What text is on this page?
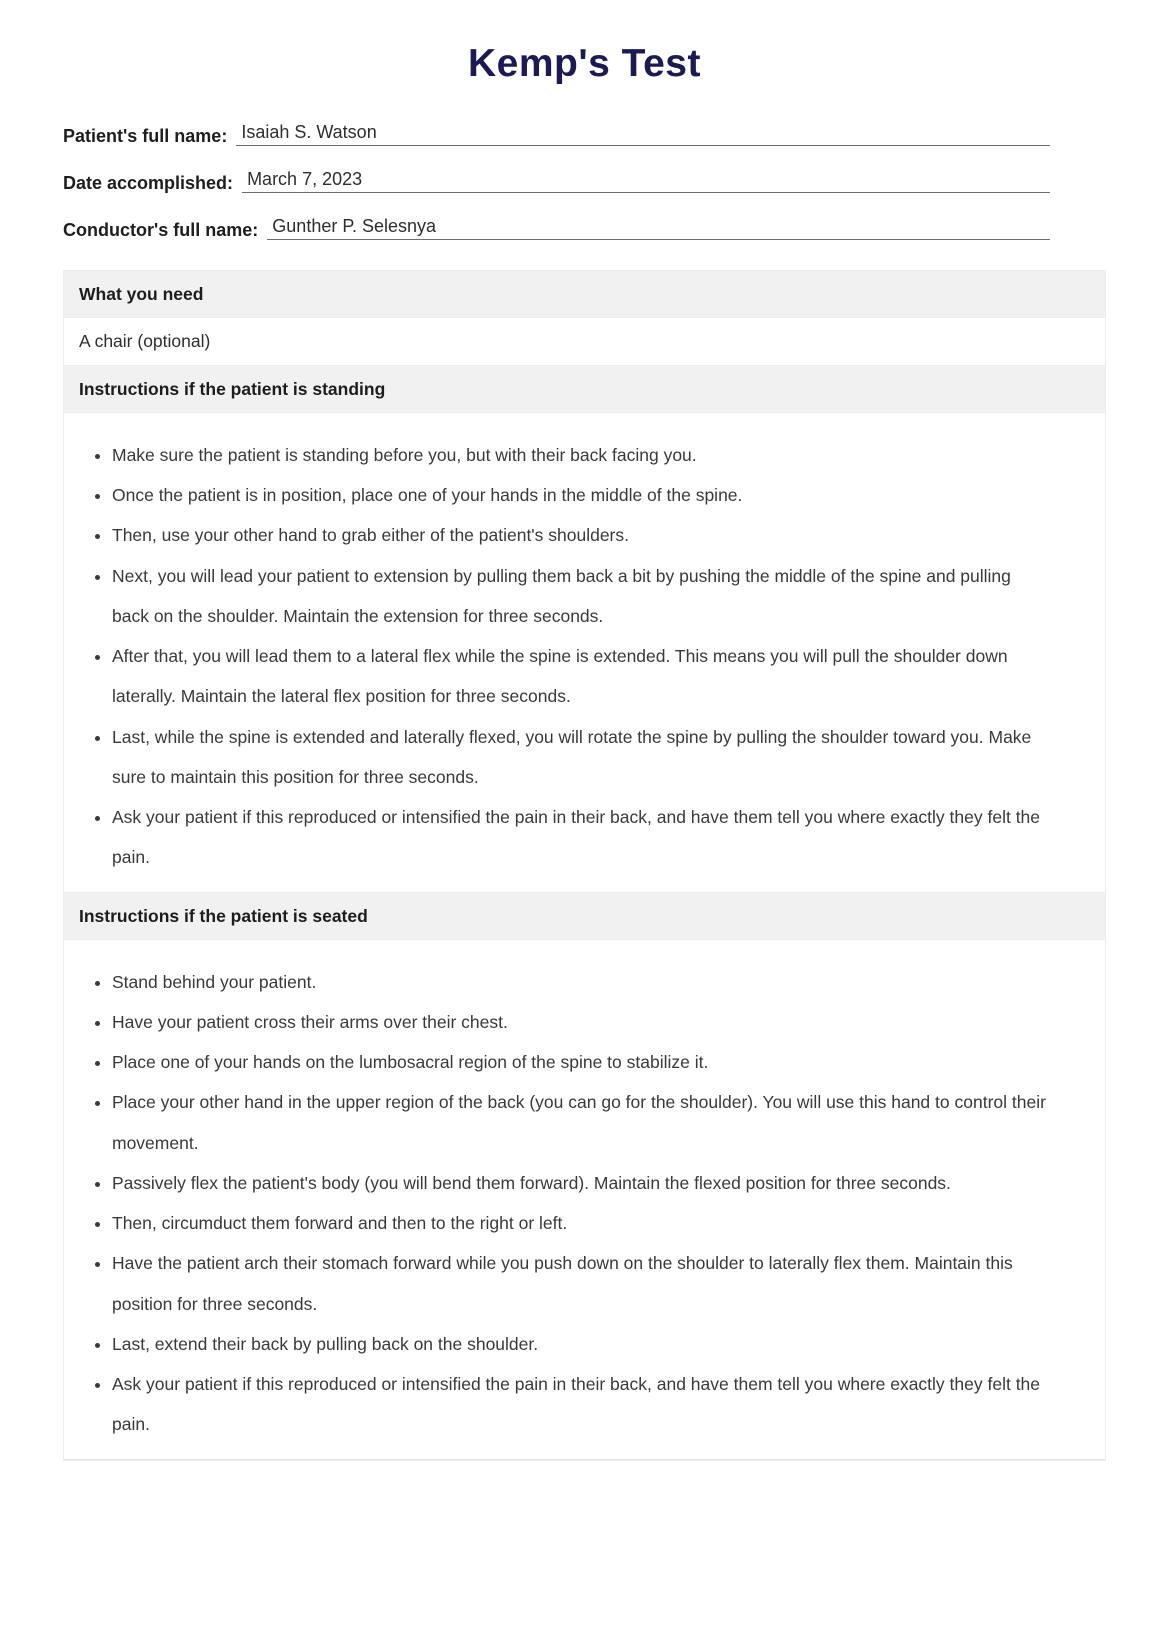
Kemp's Test
Patient's full name: Isaiah S. Watson
Date accomplished: March 7, 2023
Conductor's full name: Gunther P. Selesnya
What you need
A chair (optional)
Instructions if the patient is standing
• Make sure the patient is standing before you, but with their back facing you.
• Once the patient is in position, place one of your hands in the middle of the spine.
• Then, use your other hand to grab either of the patient's shoulders.
• Next, you will lead your patient to extension by pulling them back a bit by pushing the middle of the spine and pulling back on the shoulder. Maintain the extension for three seconds.
• After that, you will lead them to a lateral flex while the spine is extended. This means you will pull the shoulder down laterally. Maintain the lateral flex position for three seconds.
• Last, while the spine is extended and laterally flexed, you will rotate the spine by pulling the shoulder toward you. Make sure to maintain this position for three seconds.
• Ask your patient if this reproduced or intensified the pain in their back, and have them tell you where exactly they felt the pain.
Instructions if the patient is seated
• Stand behind your patient.
• Have your patient cross their arms over their chest.
• Place one of your hands on the lumbosacral region of the spine to stabilize it.
• Place your other hand in the upper region of the back (you can go for the shoulder). You will use this hand to control their movement.
• Passively flex the patient's body (you will bend them forward). Maintain the flexed position for three seconds.
• Then, circumduct them forward and then to the right or left.
• Have the patient arch their stomach forward while you push down on the shoulder to laterally flex them. Maintain this position for three seconds.
• Last, extend their back by pulling back on the shoulder.
• Ask your patient if this reproduced or intensified the pain in their back, and have them tell you where exactly they felt the pain.
